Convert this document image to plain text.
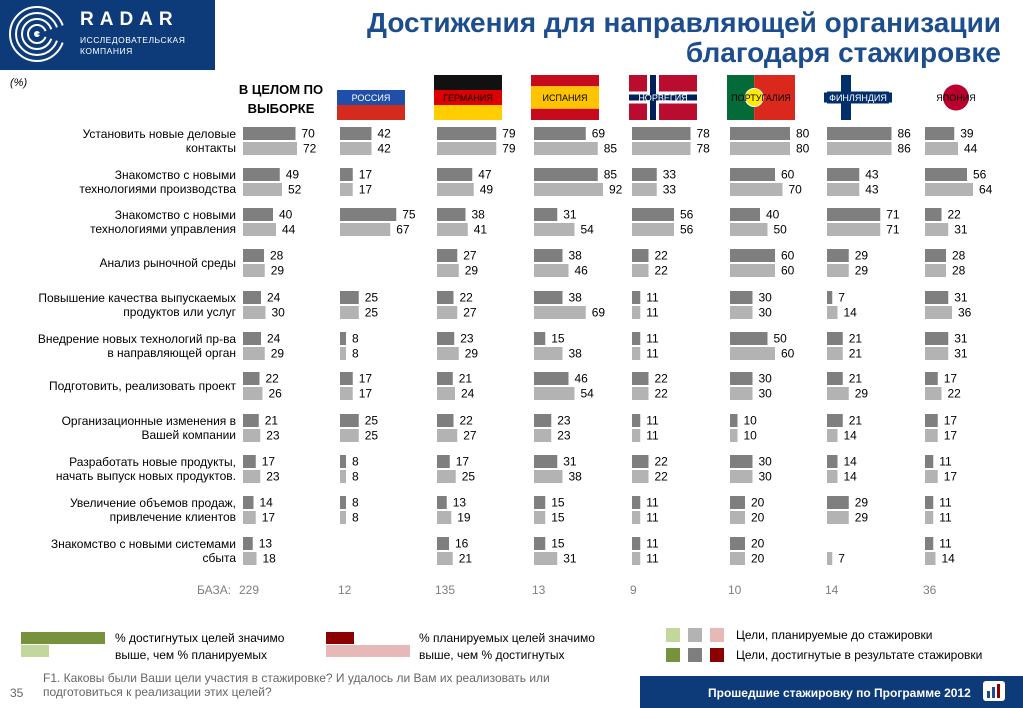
RADAR
ИССЛЕДОВАТЕЛЬСКАЯ
КОМПАНИЯ
Достижения для направляющей организации
благодаря стажировке
(%)	В ЦЕЛОМ ПО
ВЫБОРКЕ
Установить новые деловые
контакты
Знакомство с новыми
технологиями производства
Знакомство с новыми
технологиями управления
Анализ рыночной среды
Повышение качества выпускаемых
продуктов или услуг
Внедрение новых технологий пр-ва
в направляющей орган
Подготовить, реализовать проект
Организационные изменения в
Вашей компании
Разработать новые продукты,
начать выпуск новых продуктов.
Увеличение объемов продаж,
привлечение клиентов
Знакомство с новыми системами
сбыта
70
72
49
52
40
44
28
29
24
30
24
29
22
26
21
23
17
23
14
17
13
18
БАЗА: 229
РОССИЯ
42
42
17
17
75
67
25
25
8
8
17
17
25
25
8
8
8
8
12
ГЕРМАНИЯ
79
79
47
49
38
41
27
29
22
27
23
29
21
24
22
27
17
25
13
19
16
21
135
ИСПАНИЯ
69
85
85
92
31
54
38
46
38
69
15
38
46
54
23
23
31
38
15
15
15
31
13
НОРВЕГИЯ
78
78
33
33
56
56
22
22
11
11
11
11
22
22
11
11
22
22
11
11
11
11
9
ПОРТУГАЛИЯ
80
80
60
70
40
50
60
60
30
30
50
60
30
30
10
10
30
30
20
20
20
20
10
ФИНЛЯНДИЯ
86
86
43
43
71
71
29
29
7
14
21
21
21
29
21
14
14
14
29
29
7
14
ЯПОНИЯ
39
44
56
64
22
31
28
28
31
36
31
31
17
22
17
17
11
17
11
11
11
14
36
% достигнутых целей значимо
выше, чем % планируемых
% планируемых целей значимо
выше, чем % достигнутых
Цели, планируемые до стажировки
Цели, достигнутые в результате стажировки
F1. Каковы были Ваши цели участия в стажировке? И удалось ли Вам их реализовать или
подготовиться к реализации этих целей?
35	Прошедшие стажировку по Программе 2012
